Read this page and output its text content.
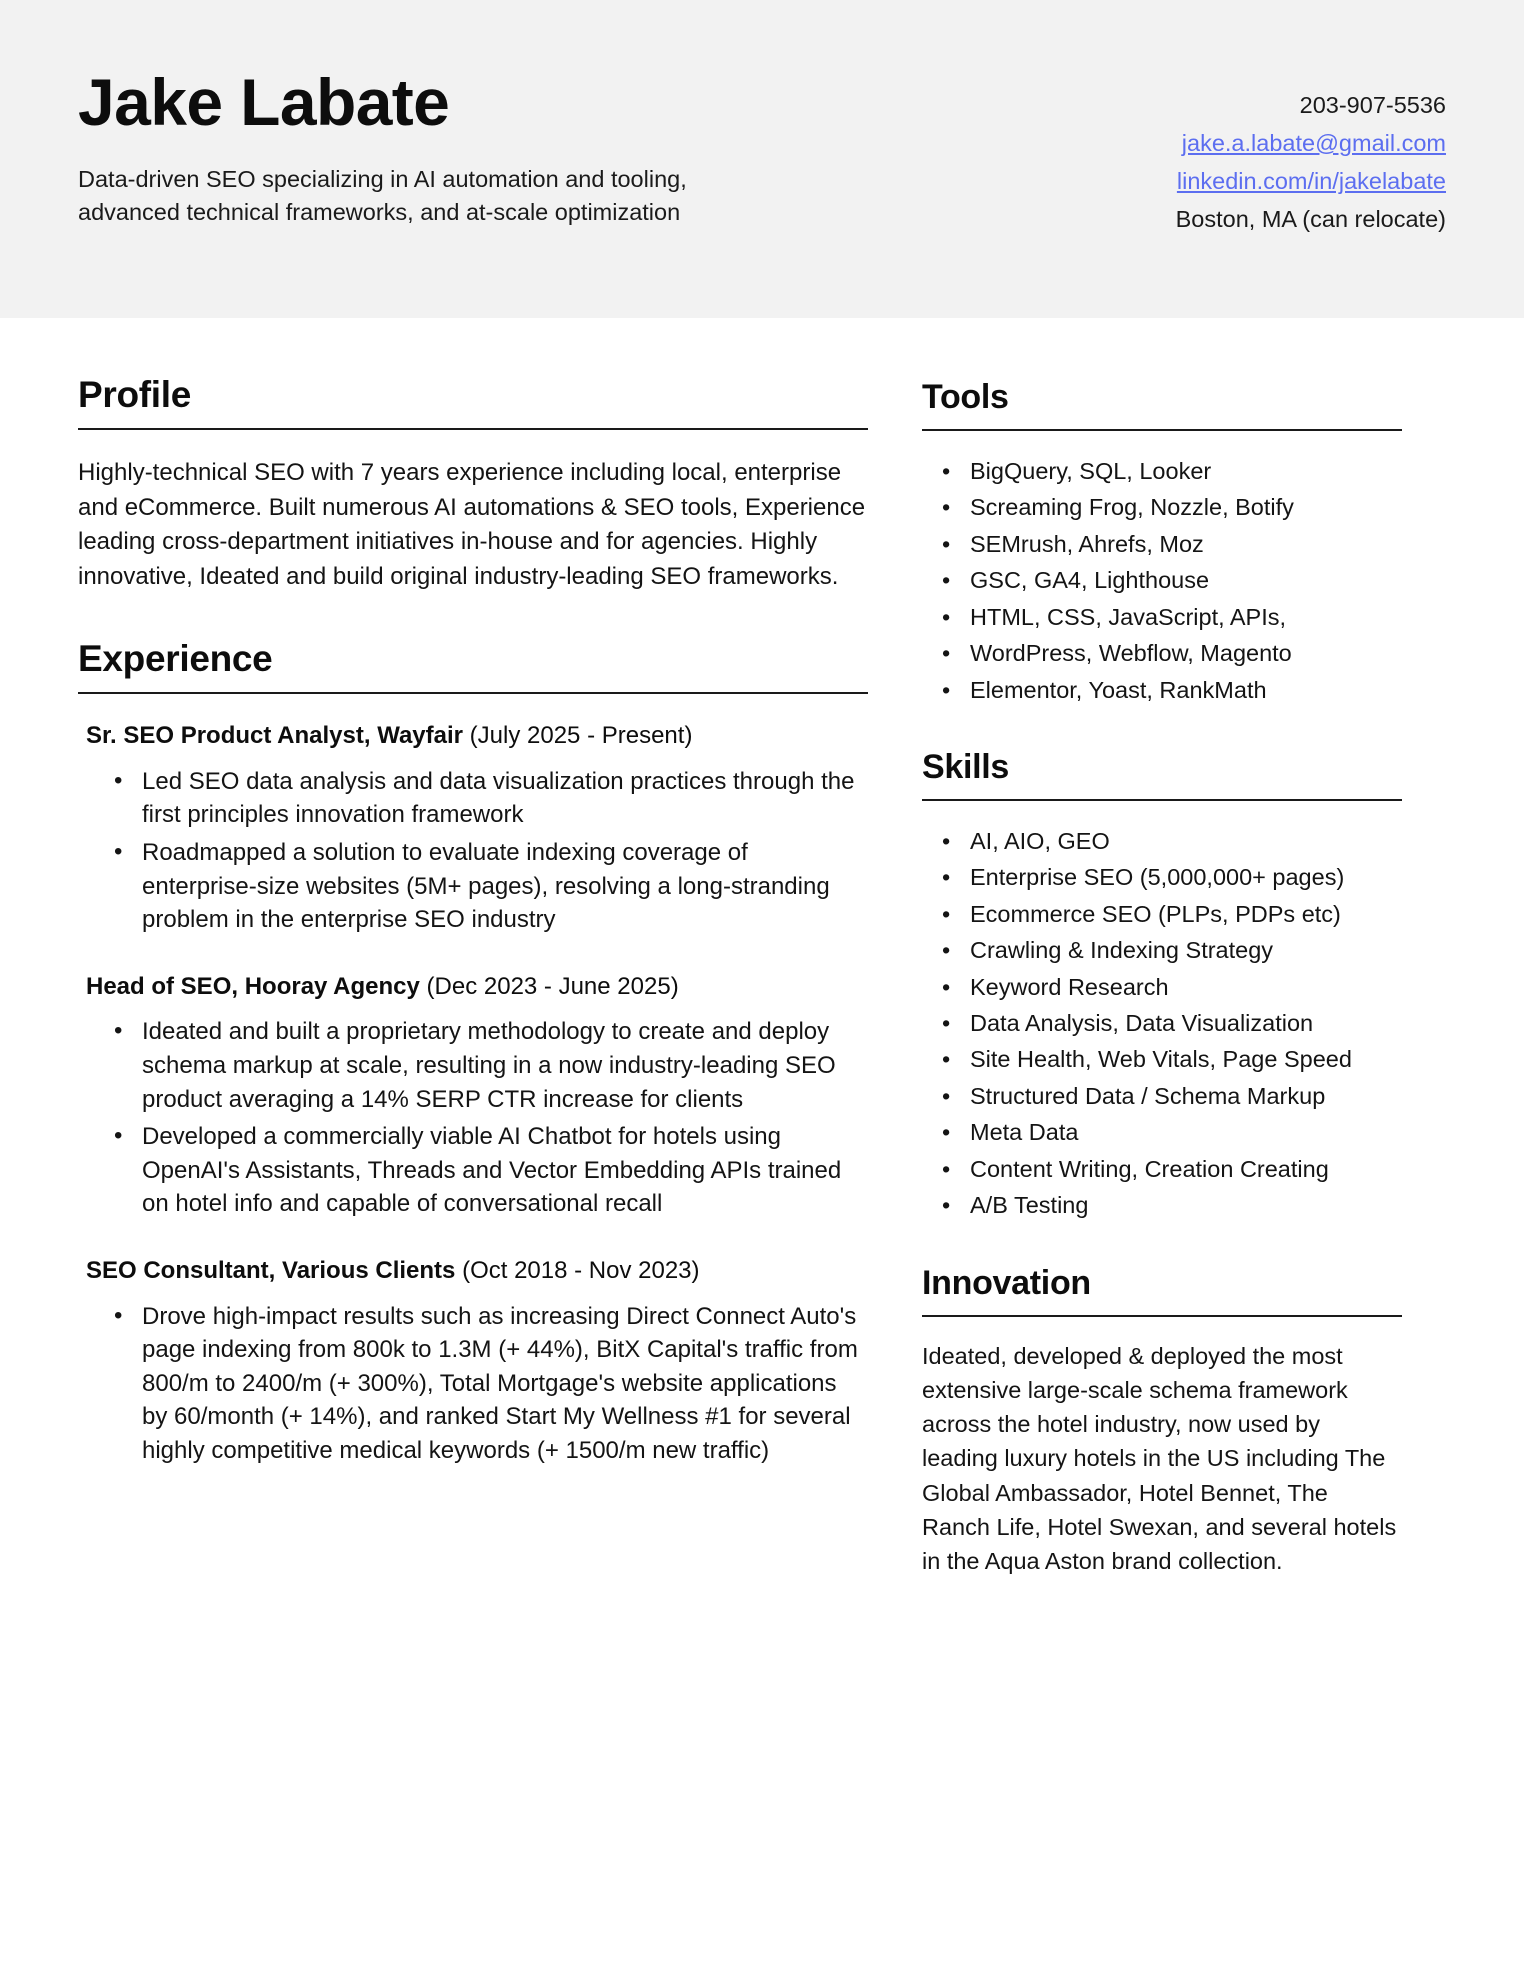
Jake Labate

Data-driven SEO specializing in AI automation and tooling,
advanced technical frameworks, and at-scale optimization

203-907-5536
jake.a.labate@gmail.com
linkedin.com/in/jakelabate
Boston, MA (can relocate)
Profile

Highly-technical SEO with 7 years experience including local, enterprise and eCommerce. Built numerous AI automations & SEO tools, Experience leading cross-department initiatives in-house and for agencies. Highly innovative, Ideated and build original industry-leading SEO frameworks.

Experience

Sr. SEO Product Analyst, Wayfair (July 2025 - Present)

• Led SEO data analysis and data visualization practices through the first principles innovation framework
• Roadmapped a solution to evaluate indexing coverage of enterprise-size websites (5M+ pages), resolving a long-stranding problem in the enterprise SEO industry

Head of SEO, Hooray Agency (Dec 2023 - June 2025)

• Ideated and built a proprietary methodology to create and deploy schema markup at scale, resulting in a now industry-leading SEO product averaging a 14% SERP CTR increase for clients
• Developed a commercially viable AI Chatbot for hotels using OpenAI's Assistants, Threads and Vector Embedding APIs trained on hotel info and capable of conversational recall

SEO Consultant, Various Clients (Oct 2018 - Nov 2023)

• Drove high-impact results such as increasing Direct Connect Auto's page indexing from 800k to 1.3M (+ 44%), BitX Capital's traffic from 800/m to 2400/m (+ 300%), Total Mortgage's website applications by 60/month (+ 14%), and ranked Start My Wellness #1 for several highly competitive medical keywords (+ 1500/m new traffic)
Tools
• BigQuery, SQL, Looker
• Screaming Frog, Nozzle, Botify
• SEMrush, Ahrefs, Moz
• GSC, GA4, Lighthouse
• HTML, CSS, JavaScript, APIs,
• WordPress, Webflow, Magento
• Elementor, Yoast, RankMath
Skills
• AI, AIO, GEO
• Enterprise SEO (5,000,000+ pages)
• Ecommerce SEO (PLPs, PDPs etc)
• Crawling & Indexing Strategy
• Keyword Research
• Data Analysis, Data Visualization
• Site Health, Web Vitals, Page Speed
• Structured Data / Schema Markup
• Meta Data
• Content Writing, Creation Creating
• A/B Testing
Innovation

Ideated, developed & deployed the most extensive large-scale schema framework across the hotel industry, now used by leading luxury hotels in the US including The Global Ambassador, Hotel Bennet, The Ranch Life, Hotel Swexan, and several hotels in the Aqua Aston brand collection.
